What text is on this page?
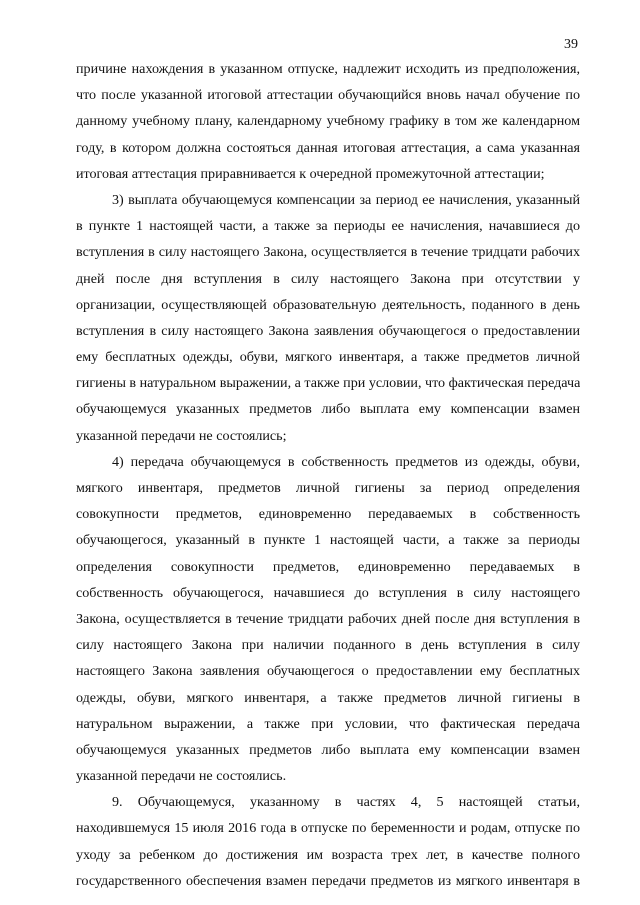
39
причине нахождения в указанном отпуске, надлежит исходить из предположения,
что после указанной итоговой аттестации обучающийся вновь начал обучение по
данному учебному плану, календарному учебному графику в том же календарном
году, в котором должна состояться данная итоговая аттестация, а сама указанная
итоговая аттестация приравнивается к очередной промежуточной аттестации;
3) выплата обучающемуся компенсации за период ее начисления, указанный
в пункте 1 настоящей части, а также за периоды ее начисления, начавшиеся до
вступления в силу настоящего Закона, осуществляется в течение тридцати рабочих
дней после дня вступления в силу настоящего Закона при отсутствии у
организации, осуществляющей образовательную деятельность, поданного в день
вступления в силу настоящего Закона заявления обучающегося о предоставлении
ему бесплатных одежды, обуви, мягкого инвентаря, а также предметов личной
гигиены в натуральном выражении, а также при условии, что фактическая передача
обучающемуся указанных предметов либо выплата ему компенсации взамен
указанной передачи не состоялись;
4) передача обучающемуся в собственность предметов из одежды, обуви,
мягкого инвентаря, предметов личной гигиены за период определения
совокупности предметов, единовременно передаваемых в собственность
обучающегося, указанный в пункте 1 настоящей части, а также за периоды
определения совокупности предметов, единовременно передаваемых в
собственность обучающегося, начавшиеся до вступления в силу настоящего
Закона, осуществляется в течение тридцати рабочих дней после дня вступления в
силу настоящего Закона при наличии поданного в день вступления в силу
настоящего Закона заявления обучающегося о предоставлении ему бесплатных
одежды, обуви, мягкого инвентаря, а также предметов личной гигиены в
натуральном выражении, а также при условии, что фактическая передача
обучающемуся указанных предметов либо выплата ему компенсации взамен
указанной передачи не состоялись.
9. Обучающемуся, указанному в частях 4, 5 настоящей статьи,
находившемуся 15 июля 2016 года в отпуске по беременности и родам, отпуске по
уходу за ребенком до достижения им возраста трех лет, в качестве полного
государственного обеспечения взамен передачи предметов из мягкого инвентаря в
